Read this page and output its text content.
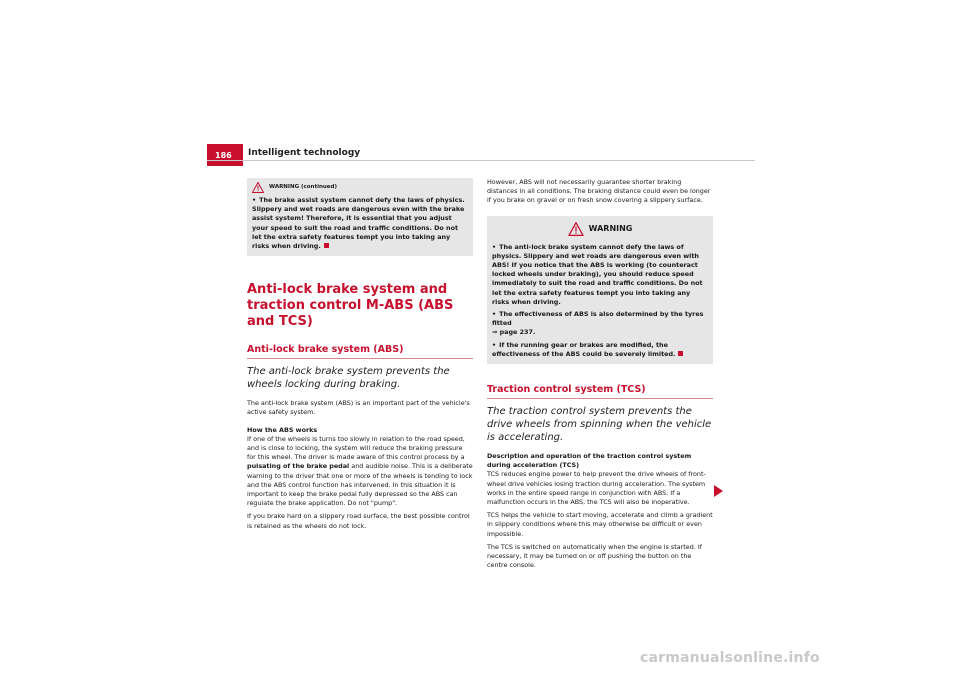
186	Intelligent technology
WARNING (continued)
• The brake assist system cannot defy the laws of physics. Slippery and wet roads are dangerous even with the brake assist system! Therefore, it is essential that you adjust your speed to suit the road and traffic conditions. Do not let the extra safety features tempt you into taking any risks when driving.
Anti-lock brake system and traction control M-ABS (ABS and TCS)
Anti-lock brake system (ABS)
The anti-lock brake system prevents the wheels locking during braking.

The anti-lock brake system (ABS) is an important part of the vehicle's active safety system.

How the ABS works
If one of the wheels is turns too slowly in relation to the road speed, and is close to locking, the system will reduce the braking pressure for this wheel. The driver is made aware of this control process by a pulsating of the brake pedal and audible noise. This is a deliberate warning to the driver that one or more of the wheels is tending to lock and the ABS control function has intervened. In this situation it is important to keep the brake pedal fully depressed so the ABS can regulate the brake application. Do not "pump".

If you brake hard on a slippery road surface, the best possible control is retained as the wheels do not lock.

However, ABS will not necessarily guarantee shorter braking distances in all conditions. The braking distance could even be longer if you brake on gravel or on fresh snow covering a slippery surface.
WARNING
• The anti-lock brake system cannot defy the laws of physics. Slippery and wet roads are dangerous even with ABS! If you notice that the ABS is working (to counteract locked wheels under braking), you should reduce speed immediately to suit the road and traffic conditions. Do not let the extra safety features tempt you into taking any risks when driving.
• The effectiveness of ABS is also determined by the tyres fitted
⇒ page 237.
• If the running gear or brakes are modified, the effectiveness of the ABS could be severely limited.
Traction control system (TCS)
The traction control system prevents the drive wheels from spinning when the vehicle is accelerating.

Description and operation of the traction control system during acceleration (TCS)
TCS reduces engine power to help prevent the drive wheels of front-wheel drive vehicles losing traction during acceleration. The system works in the entire speed range in conjunction with ABS. If a malfunction occurs in the ABS, the TCS will also be inoperative.

TCS helps the vehicle to start moving, accelerate and climb a gradient in slippery conditions where this may otherwise be difficult or even impossible.

The TCS is switched on automatically when the engine is started. If necessary, it may be turned on or off pushing the button on the centre console.

carmanualsonline.info
